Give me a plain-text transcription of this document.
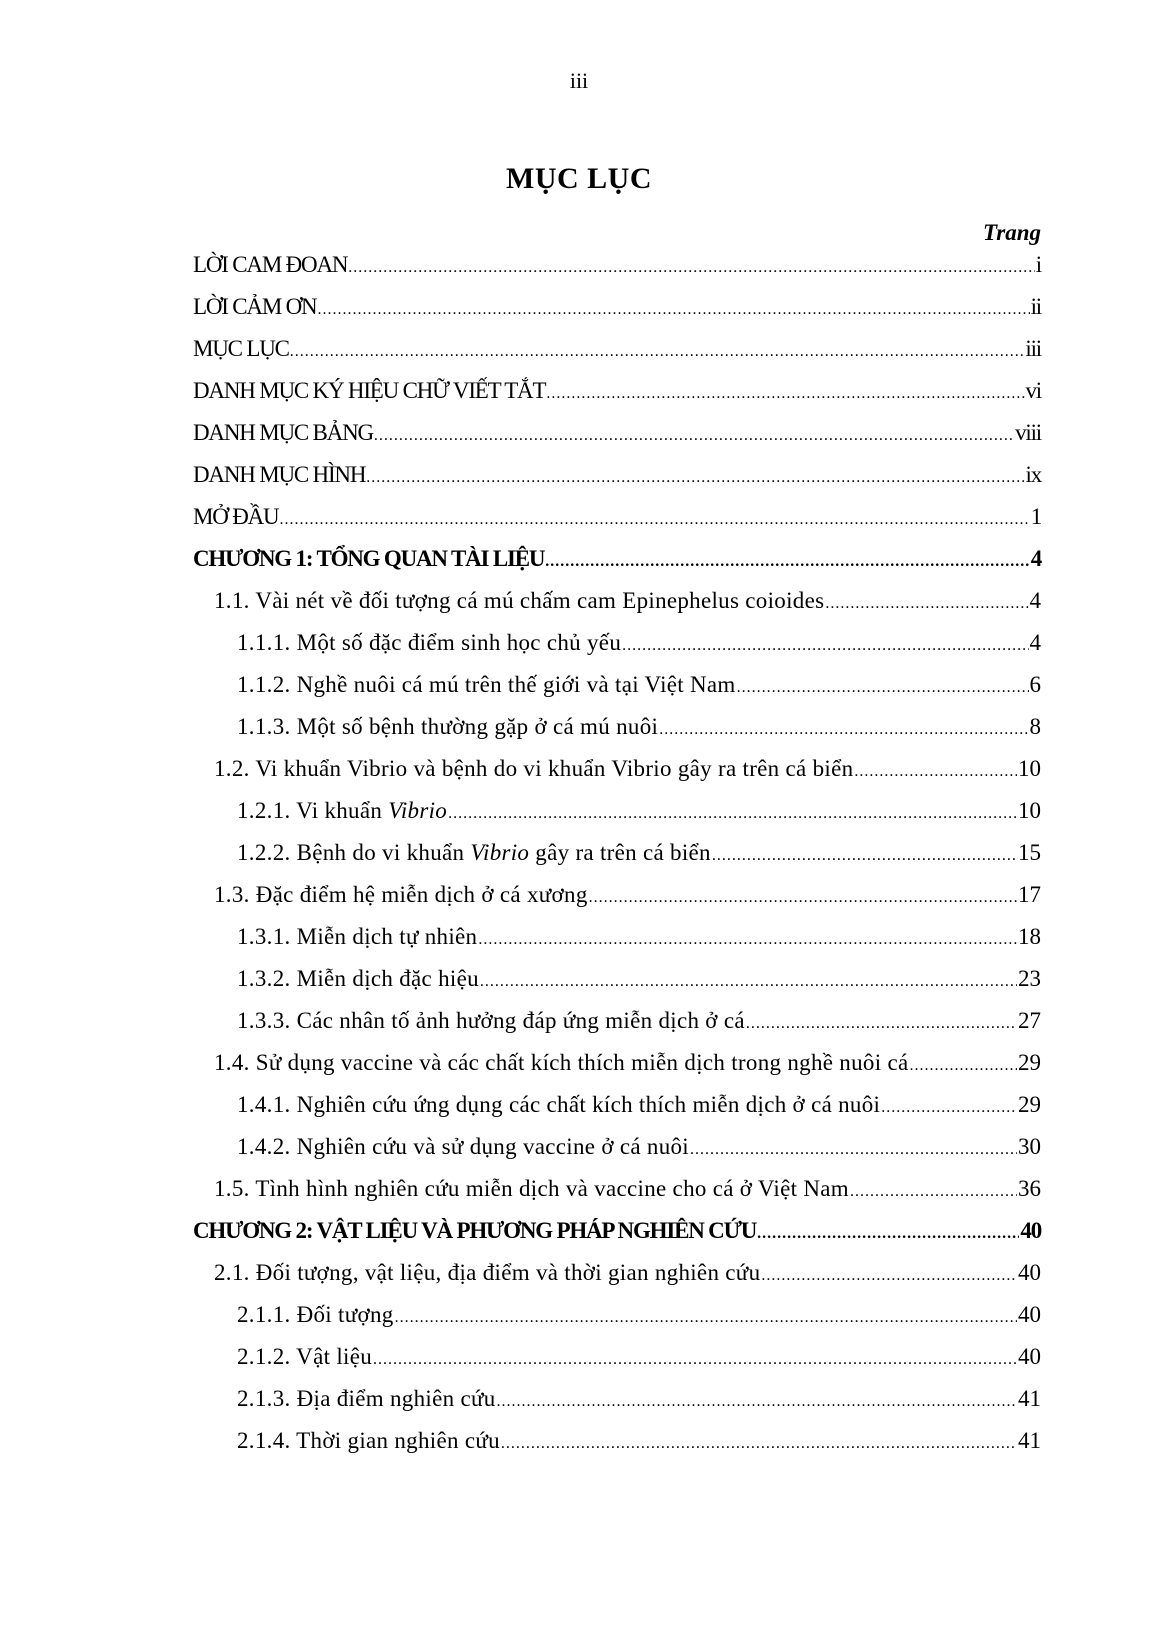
iii
MỤC LỤC
Trang
LỜI CAM ĐOAN .....	i
LỜI CẢM ƠN .....	ii
MỤC LỤC .....	iii
DANH MỤC KÝ HIỆU CHỮ VIẾT TẮT .....	vi
DANH MỤC BẢNG .....	viii
DANH MỤC HÌNH .....	ix
MỞ ĐẦU .....	1
CHƯƠNG 1: TỔNG QUAN TÀI LIỆU .....	4
1.1. Vài nét về đối tượng cá mú chấm cam Epinephelus coioides .....	4
1.1.1. Một số đặc điểm sinh học chủ yếu .....	4
1.1.2. Nghề nuôi cá mú trên thế giới và tại Việt Nam .....	6
1.1.3. Một số bệnh thường gặp ở cá mú nuôi .....	8
1.2. Vi khuẩn Vibrio và bệnh do vi khuẩn Vibrio gây ra trên cá biển .....	10
1.2.1. Vi khuẩn Vibrio .....	10
1.2.2. Bệnh do vi khuẩn Vibrio gây ra trên cá biển .....	15
1.3. Đặc điểm hệ miễn dịch ở cá xương .....	17
1.3.1. Miễn dịch tự nhiên .....	18
1.3.2. Miễn dịch đặc hiệu .....	23
1.3.3. Các nhân tố ảnh hưởng đáp ứng miễn dịch ở cá .....	27
1.4. Sử dụng vaccine và các chất kích thích miễn dịch trong nghề nuôi cá .....	29
1.4.1. Nghiên cứu ứng dụng các chất kích thích miễn dịch ở cá nuôi .....	29
1.4.2. Nghiên cứu và sử dụng vaccine ở cá nuôi .....	30
1.5. Tình hình nghiên cứu miễn dịch và vaccine cho cá ở Việt Nam .....	36
CHƯƠNG 2: VẬT LIỆU VÀ PHƯƠNG PHÁP NGHIÊN CỨU .....	40
2.1. Đối tượng, vật liệu, địa điểm và thời gian nghiên cứu .....	40
2.1.1. Đối tượng .....	40
2.1.2. Vật liệu .....	40
2.1.3. Địa điểm nghiên cứu .....	41
2.1.4. Thời gian nghiên cứu .....	41
